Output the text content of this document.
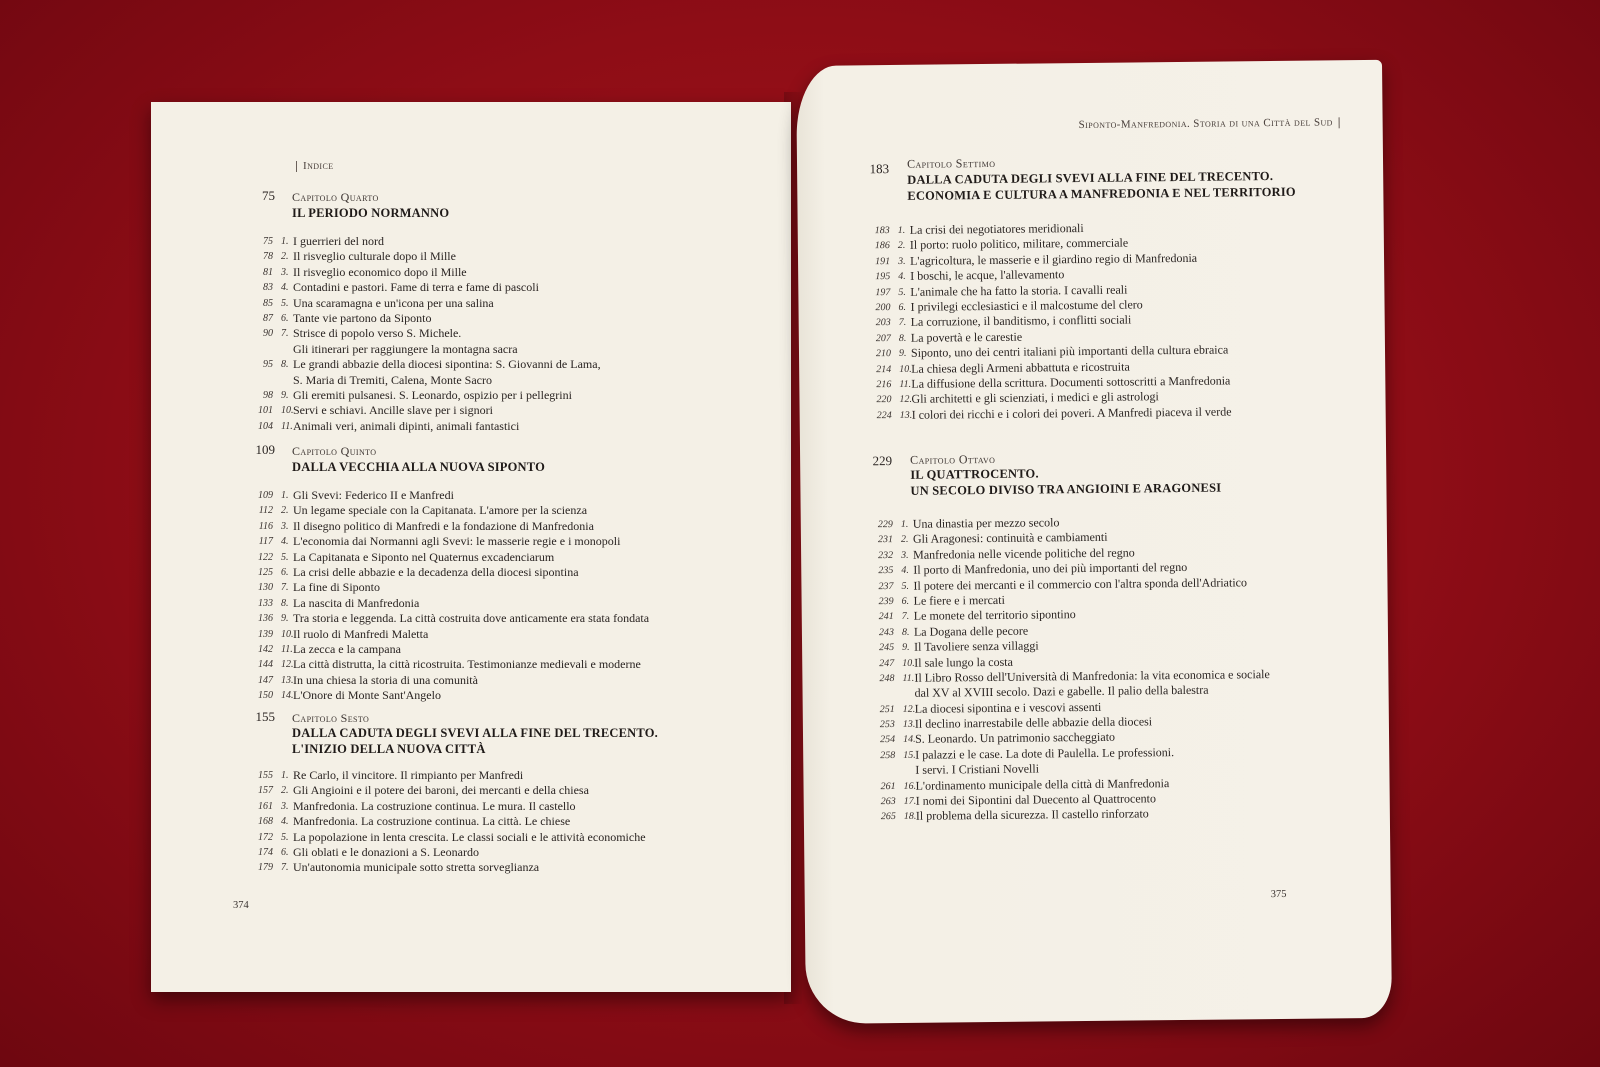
Indice
75 Capitolo Quarto
IL PERIODO NORMANNO
75 1. I guerrieri del nord
78 2. Il risveglio culturale dopo il Mille
81 3. Il risveglio economico dopo il Mille
83 4. Contadini e pastori. Fame di terra e fame di pascoli
85 5. Una scaramagna e un'icona per una salina
87 6. Tante vie partono da Siponto
90 7. Strisce di popolo verso S. Michele.
Gli itinerari per raggiungere la montagna sacra
95 8. Le grandi abbazie della diocesi sipontina: S. Giovanni de Lama,
S. Maria di Tremiti, Calena, Monte Sacro
98 9. Gli eremiti pulsanesi. S. Leonardo, ospizio per i pellegrini
101 10. Servi e schiavi. Ancille slave per i signori
104 11. Animali veri, animali dipinti, animali fantastici
109 Capitolo Quinto
DALLA VECCHIA ALLA NUOVA SIPONTO
109 1. Gli Svevi: Federico II e Manfredi
112 2. Un legame speciale con la Capitanata. L'amore per la scienza
116 3. Il disegno politico di Manfredi e la fondazione di Manfredonia
117 4. L'economia dai Normanni agli Svevi: le masserie regie e i monopoli
122 5. La Capitanata e Siponto nel Quaternus excadenciarum
125 6. La crisi delle abbazie e la decadenza della diocesi sipontina
130 7. La fine di Siponto
133 8. La nascita di Manfredonia
136 9. Tra storia e leggenda. La città costruita dove anticamente era stata fondata
139 10. Il ruolo di Manfredi Maletta
142 11. La zecca e la campana
144 12. La città distrutta, la città ricostruita. Testimonianze medievali e moderne
147 13. In una chiesa la storia di una comunità
150 14. L'Onore di Monte Sant'Angelo
155 Capitolo Sesto
DALLA CADUTA DEGLI SVEVI ALLA FINE DEL TRECENTO.
L'INIZIO DELLA NUOVA CITTÀ
155 1. Re Carlo, il vincitore. Il rimpianto per Manfredi
157 2. Gli Angioini e il potere dei baroni, dei mercanti e della chiesa
161 3. Manfredonia. La costruzione continua. Le mura. Il castello
168 4. Manfredonia. La costruzione continua. La città. Le chiese
172 5. La popolazione in lenta crescita. Le classi sociali e le attività economiche
174 6. Gli oblati e le donazioni a S. Leonardo
179 7. Un'autonomia municipale sotto stretta sorveglianza
374
Siponto-Manfredonia. Storia di una Città del Sud
183 Capitolo Settimo
DALLA CADUTA DEGLI SVEVI ALLA FINE DEL TRECENTO.
ECONOMIA E CULTURA A MANFREDONIA E NEL TERRITORIO
183 1. La crisi dei negotiatores meridionali
186 2. Il porto: ruolo politico, militare, commerciale
191 3. L'agricoltura, le masserie e il giardino regio di Manfredonia
195 4. I boschi, le acque, l'allevamento
197 5. L'animale che ha fatto la storia. I cavalli reali
200 6. I privilegi ecclesiastici e il malcostume del clero
203 7. La corruzione, il banditismo, i conflitti sociali
207 8. La povertà e le carestie
210 9. Siponto, uno dei centri italiani più importanti della cultura ebraica
214 10. La chiesa degli Armeni abbattuta e ricostruita
216 11. La diffusione della scrittura. Documenti sottoscritti a Manfredonia
220 12. Gli architetti e gli scienziati, i medici e gli astrologi
224 13. I colori dei ricchi e i colori dei poveri. A Manfredi piaceva il verde
229 Capitolo Ottavo
IL QUATTROCENTO.
UN SECOLO DIVISO TRA ANGIOINI E ARAGONESI
229 1. Una dinastia per mezzo secolo
231 2. Gli Aragonesi: continuità e cambiamenti
232 3. Manfredonia nelle vicende politiche del regno
235 4. Il porto di Manfredonia, uno dei più importanti del regno
237 5. Il potere dei mercanti e il commercio con l'altra sponda dell'Adriatico
239 6. Le fiere e i mercati
241 7. Le monete del territorio sipontino
243 8. La Dogana delle pecore
245 9. Il Tavoliere senza villaggi
247 10. Il sale lungo la costa
248 11. Il Libro Rosso dell'Università di Manfredonia: la vita economica e sociale
dal XV al XVIII secolo. Dazi e gabelle. Il palio della balestra
251 12. La diocesi sipontina e i vescovi assenti
253 13. Il declino inarrestabile delle abbazie della diocesi
254 14. S. Leonardo. Un patrimonio saccheggiato
258 15. I palazzi e le case. La dote di Paulella. Le professioni.
I servi. I Cristiani Novelli
261 16. L'ordinamento municipale della città di Manfredonia
263 17. I nomi dei Sipontini dal Duecento al Quattrocento
265 18. Il problema della sicurezza. Il castello rinforzato
375
